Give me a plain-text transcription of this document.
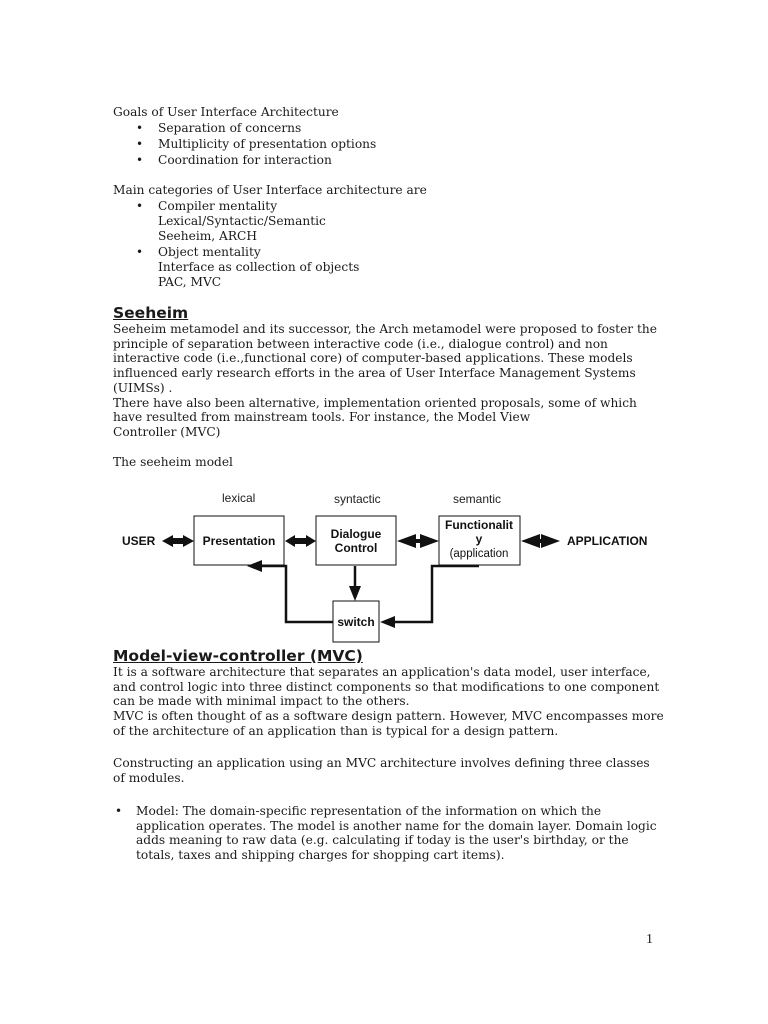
Goals of User Interface Architecture
• Separation of concerns
• Multiplicity of presentation options
• Coordination for interaction
Main categories of User Interface architecture are
• Compiler mentality
Lexical/Syntactic/Semantic
Seeheim, ARCH
• Object mentality
Interface as collection of objects
PAC, MVC
Seeheim
Seeheim metamodel and its successor, the Arch metamodel were proposed to foster the
principle of separation between interactive code (i.e., dialogue control) and non
interactive code (i.e.,functional core) of computer-based applications. These models
influenced early research efforts in the area of User Interface Management Systems
(UIMSs) .
There have also been alternative, implementation oriented proposals, some of which
have resulted from mainstream tools. For instance, the Model View
Controller (MVC)
The seeheim model
lexical	syntactic	semantic
USER	Presentation	Dialogue
Control
Functionalit
y
(application
APPLICATION
switch
Model-view-controller (MVC)
It is a software architecture that separates an application's data model, user interface,
and control logic into three distinct components so that modifications to one component
can be made with minimal impact to the others.
MVC is often thought of as a software design pattern. However, MVC encompasses more
of the architecture of an application than is typical for a design pattern.
Constructing an application using an MVC architecture involves defining three classes
of modules.
• Model: The domain-specific representation of the information on which the
application operates. The model is another name for the domain layer. Domain logic
adds meaning to raw data (e.g. calculating if today is the user's birthday, or the
totals, taxes and shipping charges for shopping cart items).
1
